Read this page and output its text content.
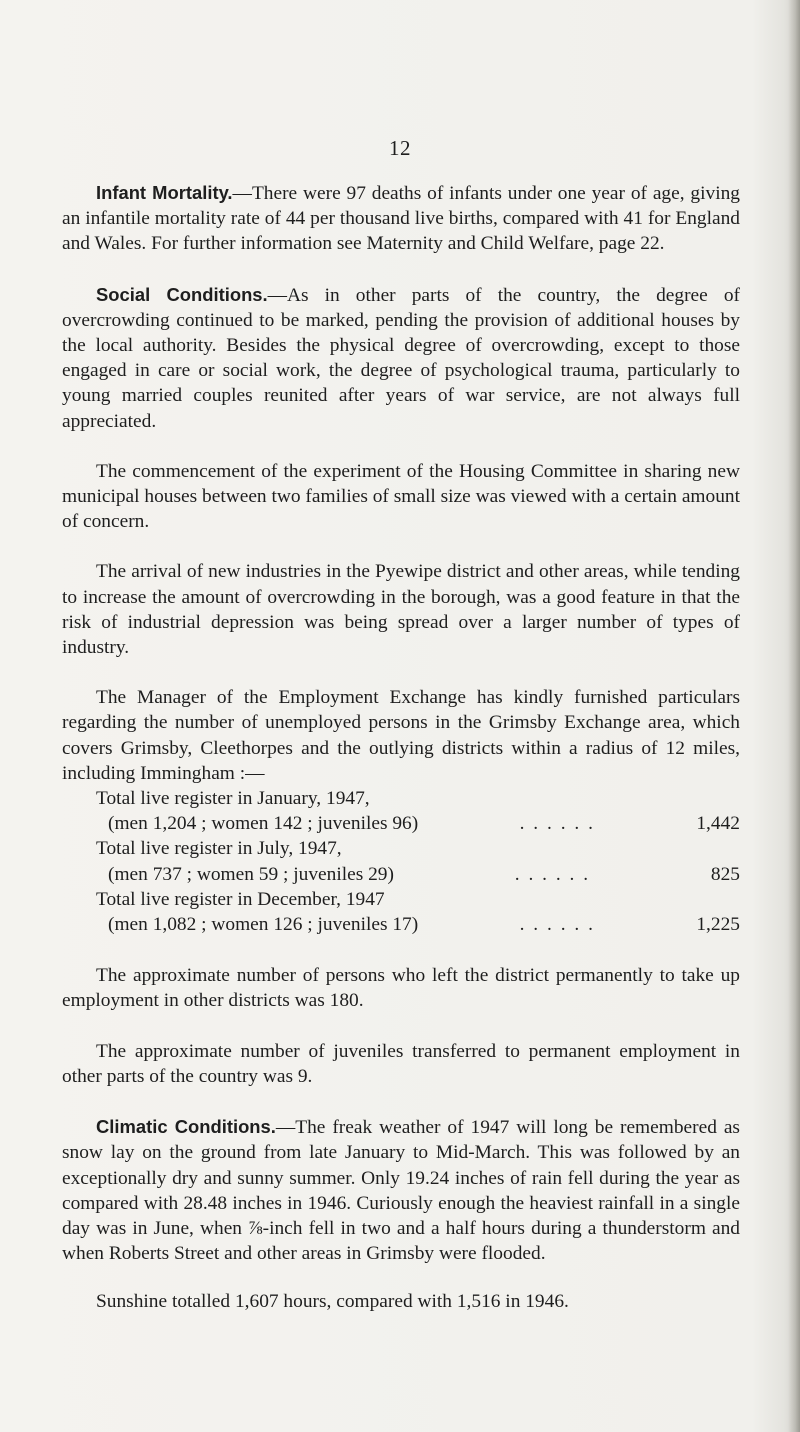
12

Infant Mortality.—There were 97 deaths of infants under one year of age, giving an infantile mortality rate of 44 per thousand live births, compared with 41 for England and Wales. For further information see Maternity and Child Welfare, page 22.

Social Conditions.—As in other parts of the country, the degree of overcrowding continued to be marked, pending the provision of additional houses by the local authority. Besides the physical degree of overcrowding, except to those engaged in care or social work, the degree of psychological trauma, particularly to young married couples reunited after years of war service, are not always full appreciated.

The commencement of the experiment of the Housing Committee in sharing new municipal houses between two families of small size was viewed with a certain amount of concern.

The arrival of new industries in the Pyewipe district and other areas, while tending to increase the amount of overcrowding in the borough, was a good feature in that the risk of industrial depression was being spread over a larger number of types of industry.

The Manager of the Employment Exchange has kindly furnished particulars regarding the number of unemployed persons in the Grimsby Exchange area, which covers Grimsby, Cleethorpes and the outlying districts within a radius of 12 miles, including Immingham :—

Total live register in January, 1947,
(men 1,204 ; women 142 ; juveniles 96)	. . . . . .	1,442
Total live register in July, 1947,
(men 737 ; women 59 ; juveniles 29)	. . . . . .	825
Total live register in December, 1947
(men 1,082 ; women 126 ; juveniles 17)	. . . . . .	1,225

The approximate number of persons who left the district permanently to take up employment in other districts was 180.

The approximate number of juveniles transferred to permanent employment in other parts of the country was 9.

Climatic Conditions.—The freak weather of 1947 will long be remembered as snow lay on the ground from late January to Mid-March. This was followed by an exceptionally dry and sunny summer. Only 19.24 inches of rain fell during the year as compared with 28.48 inches in 1946. Curiously enough the heaviest rainfall in a single day was in June, when ⅞-inch fell in two and a half hours during a thunderstorm and when Roberts Street and other areas in Grimsby were flooded.

Sunshine totalled 1,607 hours, compared with 1,516 in 1946.
